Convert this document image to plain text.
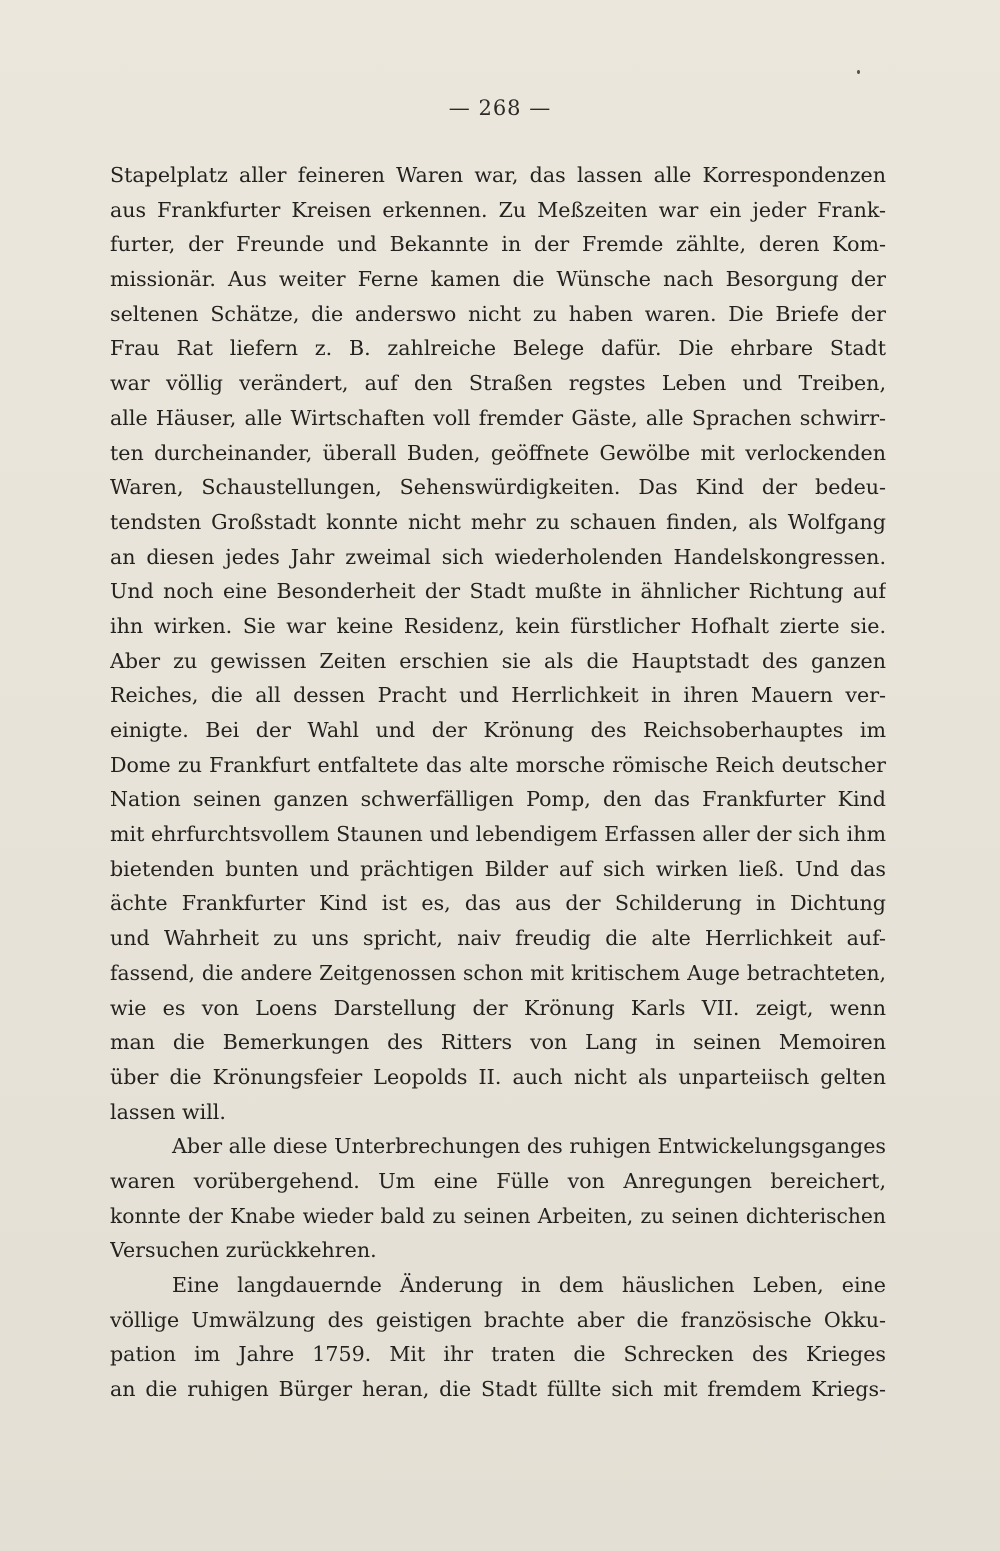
— 268 —
Stapelplatz aller feineren Waren war, das lassen alle Korrespondenzen
aus Frankfurter Kreisen erkennen. Zu Meßzeiten war ein jeder Frank-
furter, der Freunde und Bekannte in der Fremde zählte, deren Kom-
missionär. Aus weiter Ferne kamen die Wünsche nach Besorgung der
seltenen Schätze, die anderswo nicht zu haben waren. Die Briefe der
Frau Rat liefern z. B. zahlreiche Belege dafür. Die ehrbare Stadt
war völlig verändert, auf den Straßen regstes Leben und Treiben,
alle Häuser, alle Wirtschaften voll fremder Gäste, alle Sprachen schwirr-
ten durcheinander, überall Buden, geöffnete Gewölbe mit verlockenden
Waren, Schaustellungen, Sehenswürdigkeiten. Das Kind der bedeu-
tendsten Großstadt konnte nicht mehr zu schauen finden, als Wolfgang
an diesen jedes Jahr zweimal sich wiederholenden Handelskongressen.
Und noch eine Besonderheit der Stadt mußte in ähnlicher Richtung auf
ihn wirken. Sie war keine Residenz, kein fürstlicher Hofhalt zierte sie.
Aber zu gewissen Zeiten erschien sie als die Hauptstadt des ganzen
Reiches, die all dessen Pracht und Herrlichkeit in ihren Mauern ver-
einigte. Bei der Wahl und der Krönung des Reichsoberhauptes im
Dome zu Frankfurt entfaltete das alte morsche römische Reich deutscher
Nation seinen ganzen schwerfälligen Pomp, den das Frankfurter Kind
mit ehrfurchtsvollem Staunen und lebendigem Erfassen aller der sich ihm
bietenden bunten und prächtigen Bilder auf sich wirken ließ. Und das
ächte Frankfurter Kind ist es, das aus der Schilderung in Dichtung
und Wahrheit zu uns spricht, naiv freudig die alte Herrlichkeit auf-
fassend, die andere Zeitgenossen schon mit kritischem Auge betrachteten,
wie es von Loens Darstellung der Krönung Karls VII. zeigt, wenn
man die Bemerkungen des Ritters von Lang in seinen Memoiren
über die Krönungsfeier Leopolds II. auch nicht als unparteiisch gelten
lassen will.
Aber alle diese Unterbrechungen des ruhigen Entwickelungsganges
waren vorübergehend. Um eine Fülle von Anregungen bereichert,
konnte der Knabe wieder bald zu seinen Arbeiten, zu seinen dichterischen
Versuchen zurückkehren.
Eine langdauernde Änderung in dem häuslichen Leben, eine
völlige Umwälzung des geistigen brachte aber die französische Okku-
pation im Jahre 1759. Mit ihr traten die Schrecken des Krieges
an die ruhigen Bürger heran, die Stadt füllte sich mit fremdem Kriegs-
